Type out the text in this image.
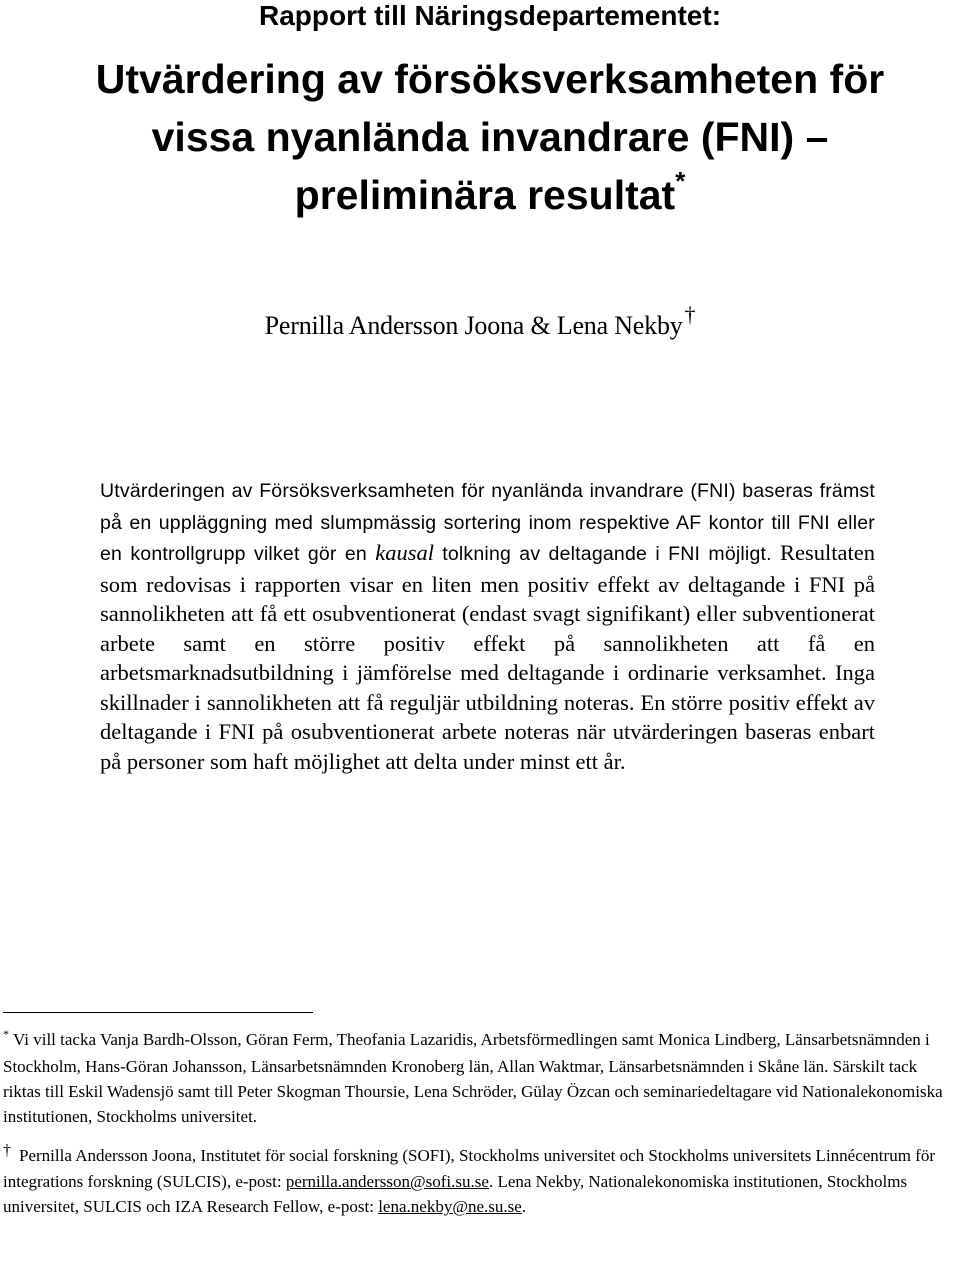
Rapport till Näringsdepartementet:
Utvärdering av försöksverksamheten för
vissa nyanlända invandrare (FNI) –
preliminära resultat*

Pernilla Andersson Joona & Lena Nekby†

Utvärderingen av Försöksverksamheten för nyanlända invandrare (FNI) baseras främst på en uppläggning med slumpmässig sortering inom respektive AF kontor till FNI eller en kontrollgrupp vilket gör en kausal tolkning av deltagande i FNI möjligt. Resultaten som redovisas i rapporten visar en liten men positiv effekt av deltagande i FNI på sannolikheten att få ett osubventionerat (endast svagt signifikant) eller subventionerat arbete samt en större positiv effekt på sannolikheten att få en arbetsmarknadsutbildning i jämförelse med deltagande i ordinarie verksamhet. Inga skillnader i sannolikheten att få reguljär utbildning noteras. En större positiv effekt av deltagande i FNI på osubventionerat arbete noteras när utvärderingen baseras enbart på personer som haft möjlighet att delta under minst ett år.

* Vi vill tacka Vanja Bardh-Olsson, Göran Ferm, Theofania Lazaridis, Arbetsförmedlingen samt Monica Lindberg, Länsarbetsnämnden i Stockholm, Hans-Göran Johansson, Länsarbetsnämnden Kronoberg län, Allan Waktmar, Länsarbetsnämnden i Skåne län. Särskilt tack riktas till Eskil Wadensjö samt till Peter Skogman Thoursie, Lena Schröder, Gülay Özcan och seminariedeltagare vid Nationalekonomiska institutionen, Stockholms universitet.

† Pernilla Andersson Joona, Institutet för social forskning (SOFI), Stockholms universitet och Stockholms universitets Linnécentrum för integrations forskning (SULCIS), e-post: pernilla.andersson@sofi.su.se. Lena Nekby, Nationalekonomiska institutionen, Stockholms universitet, SULCIS och IZA Research Fellow, e-post: lena.nekby@ne.su.se.
